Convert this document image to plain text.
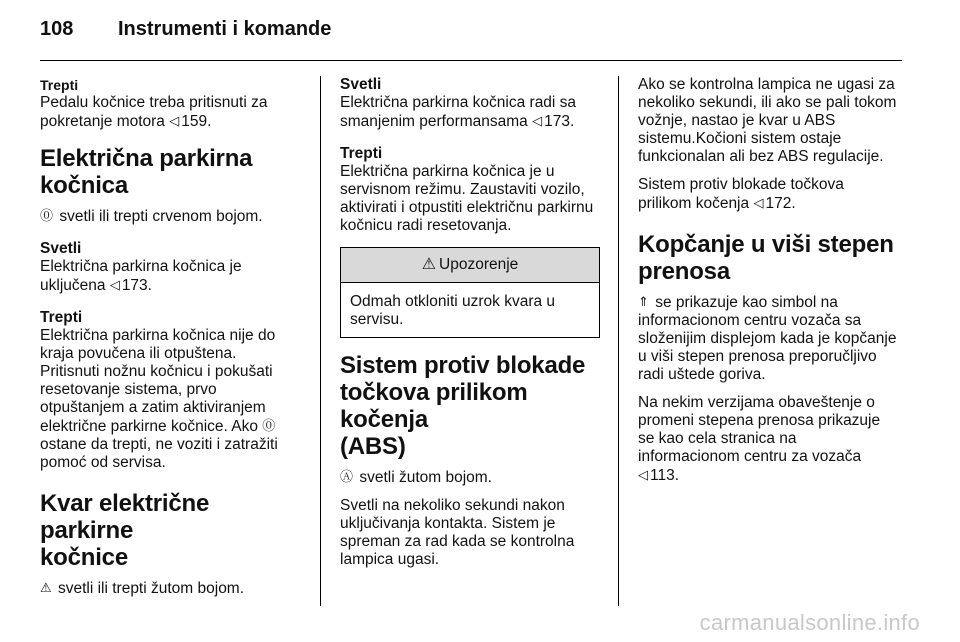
108 Instrumenti i komande

Trepti

Pedalu kočnice treba pritisnuti za
pokretanje motora ◁ 159.

Električna parkirna kočnica

⓪ svetli ili trepti crvenom bojom.

Svetli

Električna parkirna kočnica je
uključena ◁ 173.

Trepti

Električna parkirna kočnica nije do
kraja povučena ili otpuštena.
Pritisnuti nožnu kočnicu i pokušati
resetovanje sistema, prvo
otpuštanjem a zatim aktiviranjem
električne parkirne kočnice. Ako ⓪
ostane da trepti, ne voziti i zatražiti
pomoć od servisa.

Kvar električne parkirne
kočnice

⚠ svetli ili trepti žutom bojom.

Svetli

Električna parkirna kočnica radi sa
smanjenim performansama ◁ 173.

Trepti

Električna parkirna kočnica je u
servisnom režimu. Zaustaviti vozilo,
aktivirati i otpustiti električnu parkirnu
kočnicu radi resetovanja.

⚠ Upozorenje
Odmah otkloniti uzrok kvara u
servisu.

Sistem protiv blokade
točkova prilikom kočenja
(ABS)

Ⓐ svetli žutom bojom.

Svetli na nekoliko sekundi nakon
uključivanja kontakta. Sistem je
spreman za rad kada se kontrolna
lampica ugasi.

Ako se kontrolna lampica ne ugasi za
nekoliko sekundi, ili ako se pali tokom
vožnje, nastao je kvar u ABS
sistemu.Kočioni sistem ostaje
funkcionalan ali bez ABS regulacije.

Sistem protiv blokade točkova
prilikom kočenja ◁ 172.

Kopčanje u viši stepen
prenosa

⇑ se prikazuje kao simbol na
informacionom centru vozača sa
složenijim displejom kada je kopčanje
u viši stepen prenosa preporučljivo
radi uštede goriva.

Na nekim verzijama obaveštenje o
promeni stepena prenosa prikazuje
se kao cela stranica na
informacionom centru za vozača
◁ 113.

carmanualsonline.info
